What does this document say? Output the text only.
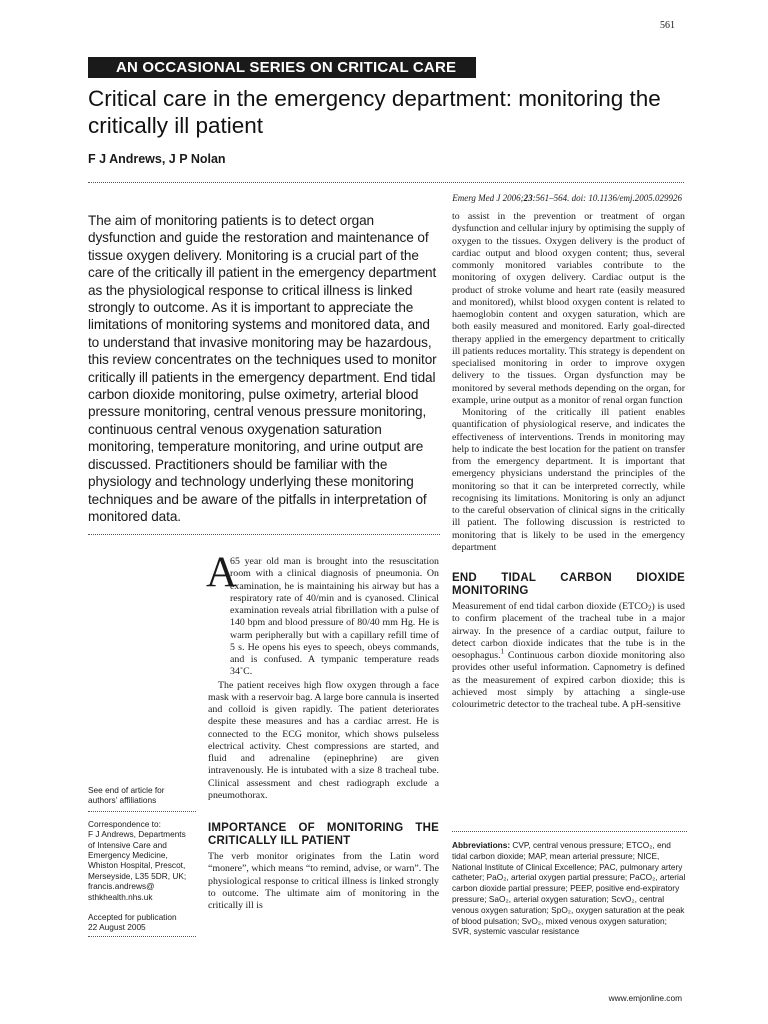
561
AN OCCASIONAL SERIES ON CRITICAL CARE
Critical care in the emergency department: monitoring the critically ill patient
F J Andrews, J P Nolan
Emerg Med J 2006;23:561–564. doi: 10.1136/emj.2005.029926
The aim of monitoring patients is to detect organ dysfunction and guide the restoration and maintenance of tissue oxygen delivery. Monitoring is a crucial part of the care of the critically ill patient in the emergency department as the physiological response to critical illness is linked strongly to outcome. As it is important to appreciate the limitations of monitoring systems and monitored data, and to understand that invasive monitoring may be hazardous, this review concentrates on the techniques used to monitor critically ill patients in the emergency department. End tidal carbon dioxide monitoring, pulse oximetry, arterial blood pressure monitoring, central venous pressure monitoring, continuous central venous oxygenation saturation monitoring, temperature monitoring, and urine output are discussed. Practitioners should be familiar with the physiology and technology underlying these monitoring techniques and be aware of the pitfalls in interpretation of monitored data.
A

65 year old man is brought into the resuscitation room with a clinical diagnosis of pneumonia. On examination, he is maintaining his airway but has a respiratory rate of 40/min and is cyanosed. Clinical examination reveals atrial fibrillation with a pulse of 140 bpm and blood pressure of 80/40 mm Hg. He is warm peripherally but with a capillary refill time of 5 s. He opens his eyes to speech, obeys commands, and is confused. A tympanic temperature reads 34˚C.

The patient receives high flow oxygen through a face mask with a reservoir bag. A large bore cannula is inserted and colloid is given rapidly. The patient deteriorates despite these measures and has a cardiac arrest. He is connected to the ECG monitor, which shows pulseless electrical activity. Chest compressions are started, and fluid and adrenaline (epinephrine) are given intravenously. He is intubated with a size 8 tracheal tube. Clinical assessment and chest radiograph exclude a pneumothorax.

IMPORTANCE OF MONITORING THE CRITICALLY ILL PATIENT

The verb monitor originates from the Latin word “monere”, which means “to remind, advise, or warn”. The physiological response to critical illness is linked strongly to outcome. The ultimate aim of monitoring in the critically ill is

to assist in the prevention or treatment of organ dysfunction and cellular injury by optimising the supply of oxygen to the tissues. Oxygen delivery is the product of cardiac output and blood oxygen content; thus, several commonly monitored variables contribute to the monitoring of oxygen delivery. Cardiac output is the product of stroke volume and heart rate (easily measured and monitored), whilst blood oxygen content is related to haemoglobin content and oxygen saturation, which are both easily measured and monitored. Early goal-directed therapy applied in the emergency department to critically ill patients reduces mortality. This strategy is dependent on specialised monitoring in order to improve oxygen delivery to the tissues. Organ dysfunction may be monitored by several methods depending on the organ, for example, urine output as a monitor of renal organ function

Monitoring of the critically ill patient enables quantification of physiological reserve, and indicates the effectiveness of interventions. Trends in monitoring may help to indicate the best location for the patient on transfer from the emergency department. It is important that emergency physicians understand the principles of the monitoring so that it can be interpreted correctly, while recognising its limitations. Monitoring is only an adjunct to the careful observation of clinical signs in the critically ill patient. The following discussion is restricted to monitoring that is likely to be used in the emergency department

END TIDAL CARBON DIOXIDE MONITORING

Measurement of end tidal carbon dioxide $(ETCO_2)$ is used to confirm placement of the tracheal tube in a major airway. In the presence of a cardiac output, failure to detect carbon dioxide indicates that the tube is in the oesophagus.$^1$ Continuous carbon dioxide monitoring also provides other useful information. Capnometry is defined as the measurement of expired carbon dioxide; this is achieved most simply by attaching a single-use colourimetric detector to the tracheal tube. A pH-sensitive

Abbreviations: CVP, central venous pressure; ETCO₂, end tidal carbon dioxide; MAP, mean arterial pressure; NICE, National Institute of Clinical Excellence; PAC, pulmonary artery catheter; PaO₂, arterial oxygen partial pressure; PaCO₂, arterial carbon dioxide partial pressure; PEEP, positive end-expiratory pressure; SaO₂, arterial oxygen saturation; ScvO₂, central venous oxygen saturation; SpO₂, oxygen saturation at the peak of blood pulsation; SvO₂, mixed venous oxygen saturation; SVR, systemic vascular resistance
See end of article for authors’ affiliations
Correspondence to:
F J Andrews, Departments
of Intensive Care and
Emergency Medicine,
Whiston Hospital, Prescot,
Merseyside, L35 5DR, UK;
francis.andrews@
sthkhealth.nhs.uk
Accepted for publication
22 August 2005
www.emjonline.com
